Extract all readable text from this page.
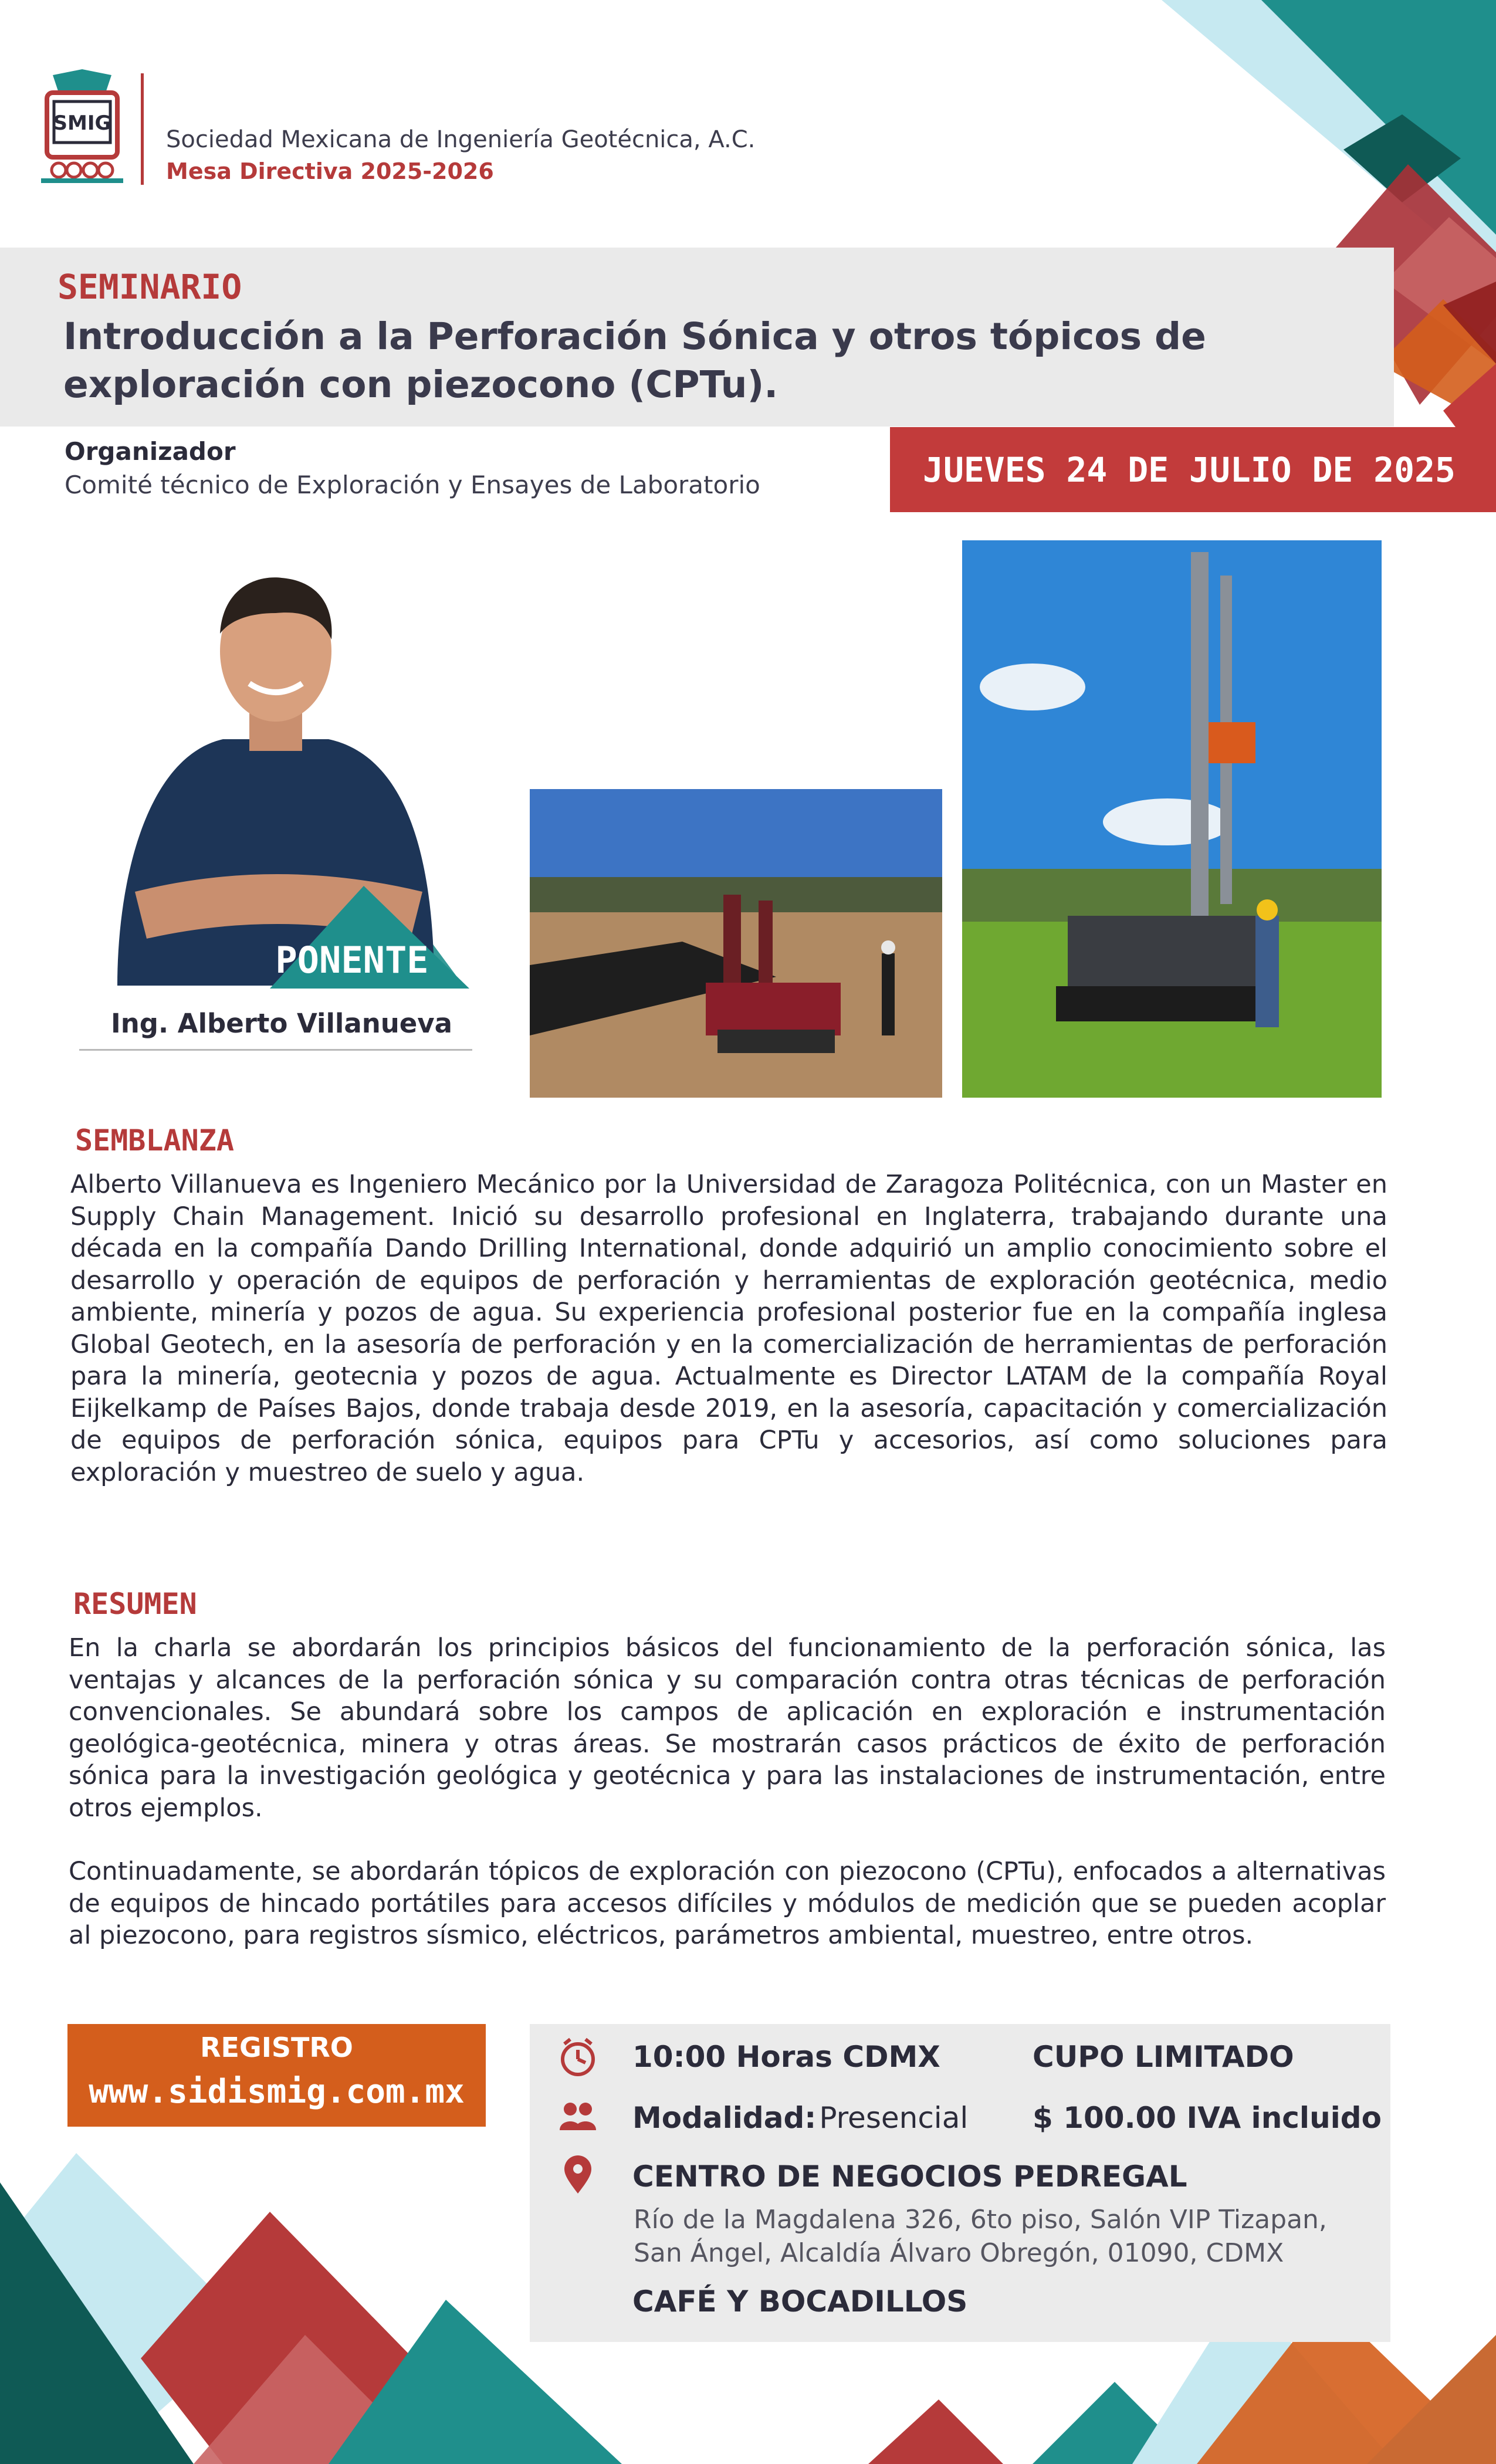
SMIG
Sociedad Mexicana de Ingeniería Geotécnica, A.C.
Mesa Directiva 2025-2026
SEMINARIO
Introducción a la Perforación Sónica y otros tópicos de exploración con piezocono (CPTu).
Organizador
Comité técnico de Exploración y Ensayes de Laboratorio	JUEVES 24 DE JULIO DE 2025
PONENTE
Ing. Alberto Villanueva
SEMBLANZA
Alberto Villanueva es Ingeniero Mecánico por la Universidad de Zaragoza Politécnica, con un Master en Supply Chain Management. Inició su desarrollo profesional en Inglaterra, trabajando durante una década en la compañía Dando Drilling International, donde adquirió un amplio conocimiento sobre el desarrollo y operación de equipos de perforación y herramientas de exploración geotécnica, medio ambiente, minería y pozos de agua. Su experiencia profesional posterior fue en la compañía inglesa Global Geotech, en la asesoría de perforación y en la comercialización de herramientas de perforación para la minería, geotecnia y pozos de agua. Actualmente es Director LATAM de la compañía Royal Eijkelkamp de Países Bajos, donde trabaja desde 2019, en la asesoría, capacitación y comercialización de equipos de perforación sónica, equipos para CPTu y accesorios, así como soluciones para exploración y muestreo de suelo y agua.
RESUMEN
En la charla se abordarán los principios básicos del funcionamiento de la perforación sónica, las ventajas y alcances de la perforación sónica y su comparación contra otras técnicas de perforación convencionales. Se abundará sobre los campos de aplicación en exploración e instrumentación geológica-geotécnica, minera y otras áreas. Se mostrarán casos prácticos de éxito de perforación sónica para la investigación geológica y geotécnica y para las instalaciones de instrumentación, entre otros ejemplos.
Continuadamente, se abordarán tópicos de exploración con piezocono (CPTu), enfocados a alternativas de equipos de hincado portátiles para accesos difíciles y módulos de medición que se pueden acoplar al piezocono, para registros sísmico, eléctricos, parámetros ambiental, muestreo, entre otros.
REGISTRO
www.sidismig.com.mx
10:00 Horas CDMX	CUPO LIMITADO
Modalidad: Presencial $ 100.00 IVA incluido
CENTRO DE NEGOCIOS PEDREGAL
Río de la Magdalena 326, 6to piso, Salón VIP Tizapan,
San Ángel, Alcaldía Álvaro Obregón, 01090, CDMX
CAFÉ Y BOCADILLOS
